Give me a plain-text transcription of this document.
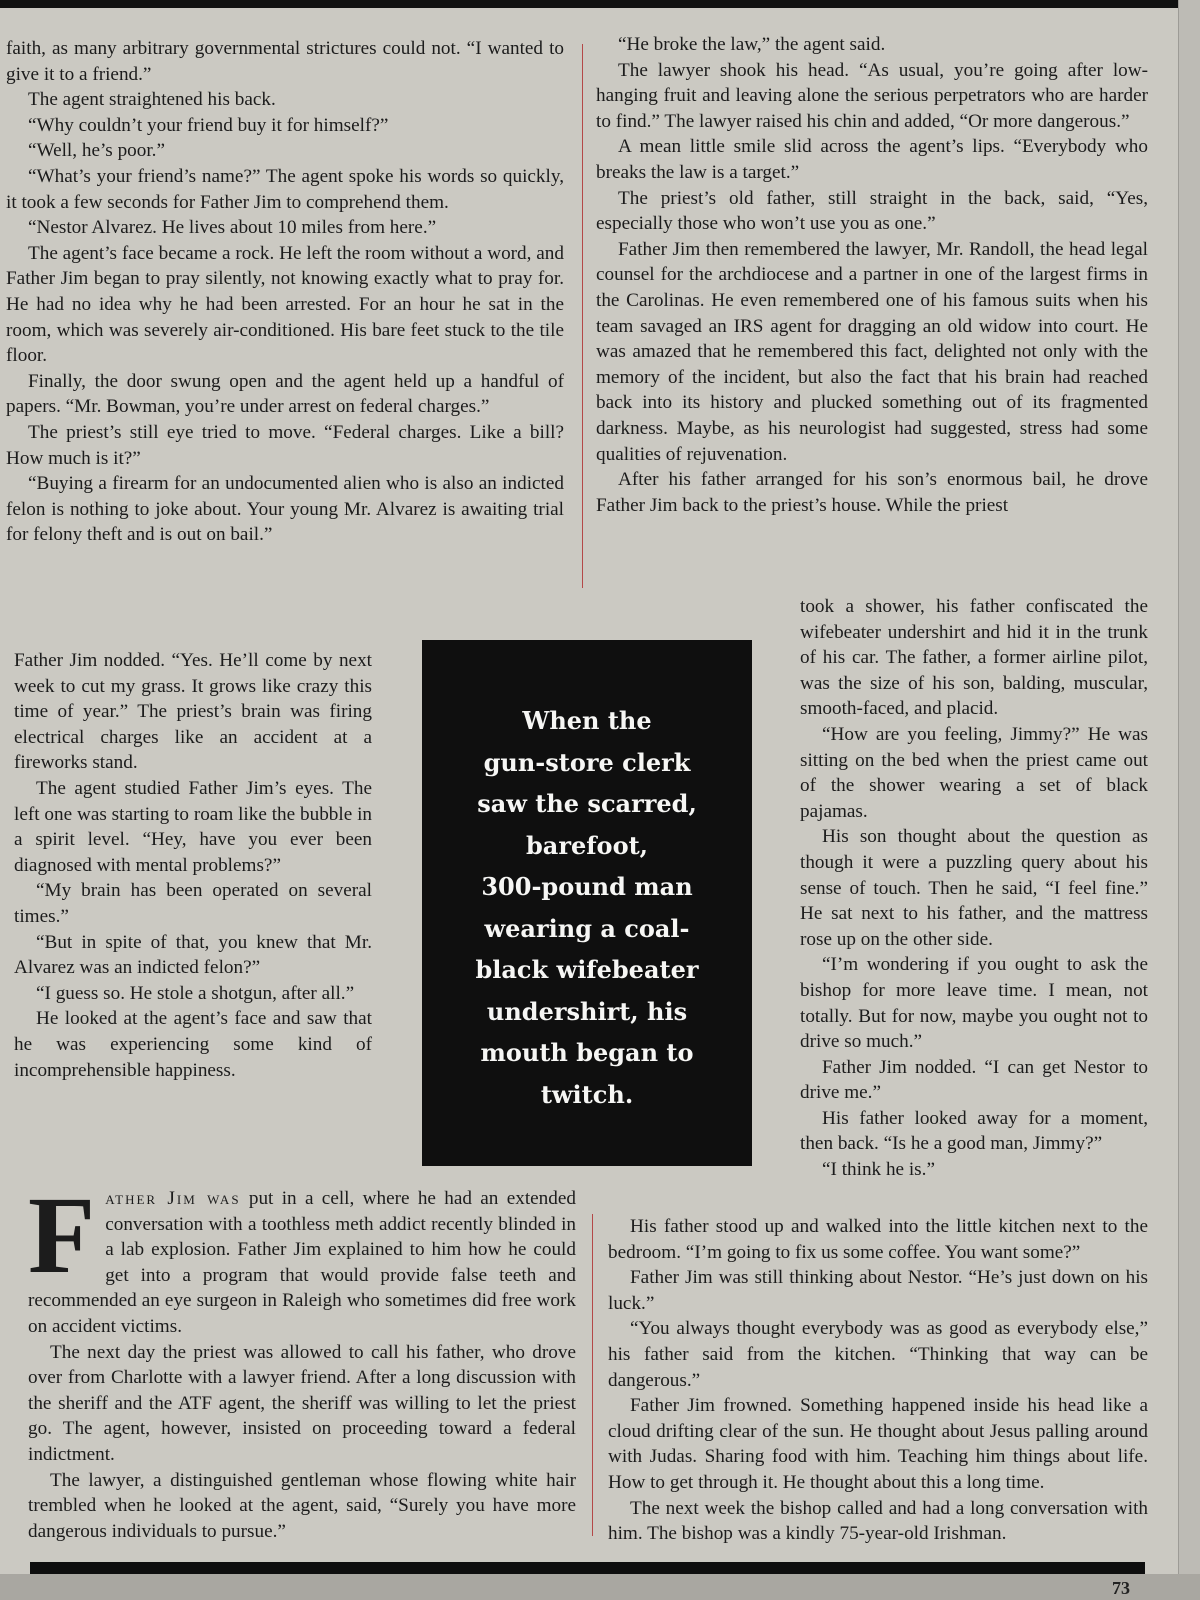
faith, as many arbitrary governmental strictures could not. “I wanted to give it to a friend.”

The agent straightened his back.

“Why couldn’t your friend buy it for himself?”

“Well, he’s poor.”

“What’s your friend’s name?” The agent spoke his words so quickly, it took a few seconds for Father Jim to comprehend them.

“Nestor Alvarez. He lives about 10 miles from here.”

The agent’s face became a rock. He left the room without a word, and Father Jim began to pray silently, not knowing exactly what to pray for. He had no idea why he had been arrested. For an hour he sat in the room, which was severely air-conditioned. His bare feet stuck to the tile floor.

Finally, the door swung open and the agent held up a handful of papers. “Mr. Bowman, you’re under arrest on federal charges.”

The priest’s still eye tried to move. “Federal charges. Like a bill? How much is it?”

“Buying a firearm for an undocumented alien who is also an indicted felon is nothing to joke about. Your young Mr. Alvarez is awaiting trial for felony theft and is out on bail.”

Father Jim nodded. “Yes. He’ll come by next week to cut my grass. It grows like crazy this time of year.” The priest’s brain was firing electrical charges like an accident at a fireworks stand.

The agent studied Father Jim’s eyes. The left one was starting to roam like the bubble in a spirit level. “Hey, have you ever been diagnosed with mental problems?”

“My brain has been operated on several times.”

“But in spite of that, you knew that Mr. Alvarez was an indicted felon?”

“I guess so. He stole a shotgun, after all.”

He looked at the agent’s face and saw that he was experiencing some kind of incomprehensible happiness.

Father Jim was put in a cell, where he had an extended conversation with a toothless meth addict recently blinded in a lab explosion. Father Jim explained to him how he could get into a program that would provide false teeth and recommended an eye surgeon in Raleigh who sometimes did free work on accident victims.

The next day the priest was allowed to call his father, who drove over from Charlotte with a lawyer friend. After a long discussion with the sheriff and the ATF agent, the sheriff was willing to let the priest go. The agent, however, insisted on proceeding toward a federal indictment.

The lawyer, a distinguished gentleman whose flowing white hair trembled when he looked at the agent, said, “Surely you have more dangerous individuals to pursue.”

“He broke the law,” the agent said.

The lawyer shook his head. “As usual, you’re going after low-hanging fruit and leaving alone the serious perpetrators who are harder to find.” The lawyer raised his chin and added, “Or more dangerous.”

A mean little smile slid across the agent’s lips. “Everybody who breaks the law is a target.”

The priest’s old father, still straight in the back, said, “Yes, especially those who won’t use you as one.”

Father Jim then remembered the lawyer, Mr. Randoll, the head legal counsel for the archdiocese and a partner in one of the largest firms in the Carolinas. He even remembered one of his famous suits when his team savaged an IRS agent for dragging an old widow into court. He was amazed that he remembered this fact, delighted not only with the memory of the incident, but also the fact that his brain had reached back into its history and plucked something out of its fragmented darkness. Maybe, as his neurologist had suggested, stress had some qualities of rejuvenation.

After his father arranged for his son’s enormous bail, he drove Father Jim back to the priest’s house. While the priest

took a shower, his father confiscated the wifebeater undershirt and hid it in the trunk of his car. The father, a former airline pilot, was the size of his son, balding, muscular, smooth-faced, and placid.

“How are you feeling, Jimmy?” He was sitting on the bed when the priest came out of the shower wearing a set of black pajamas.

His son thought about the question as though it were a puzzling query about his sense of touch. Then he said, “I feel fine.” He sat next to his father, and the mattress rose up on the other side.

“I’m wondering if you ought to ask the bishop for more leave time. I mean, not totally. But for now, maybe you ought not to drive so much.”

Father Jim nodded. “I can get Nestor to drive me.”

His father looked away for a moment, then back. “Is he a good man, Jimmy?”

“I think he is.”

His father stood up and walked into the little kitchen next to the bedroom. “I’m going to fix us some coffee. You want some?”

Father Jim was still thinking about Nestor. “He’s just down on his luck.”

“You always thought everybody was as good as everybody else,” his father said from the kitchen. “Thinking that way can be dangerous.”

Father Jim frowned. Something happened inside his head like a cloud drifting clear of the sun. He thought about Jesus palling around with Judas. Sharing food with him. Teaching him things about life. How to get through it. He thought about this a long time.

The next week the bishop called and had a long conversation with him. The bishop was a kindly 75-year-old Irishman.

When the
gun-store clerk
saw the scarred,
barefoot,
300-pound man
wearing a coal-
black wifebeater
undershirt, his
mouth began to
twitch.
73
